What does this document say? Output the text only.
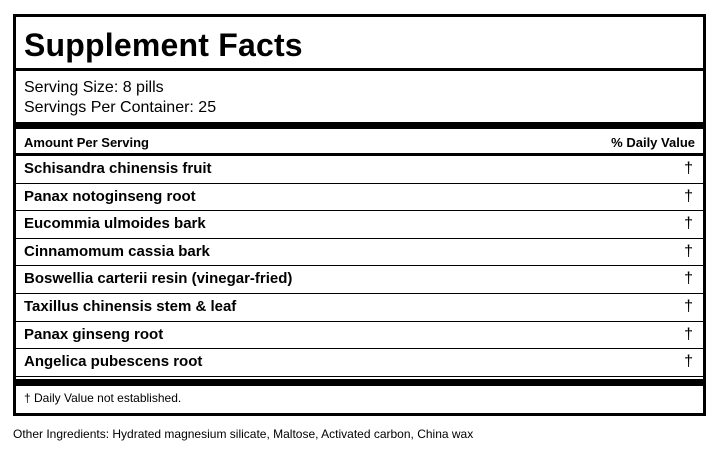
Supplement Facts
Serving Size: 8 pills
Servings Per Container: 25
Amount Per Serving	% Daily Value
Schisandra chinensis fruit	†
Panax notoginseng root	†
Eucommia ulmoides bark	†
Cinnamomum cassia bark	†
Boswellia carterii resin (vinegar-fried)	†
Taxillus chinensis stem & leaf	†
Panax ginseng root	†
Angelica pubescens root	†
† Daily Value not established.
Other Ingredients: Hydrated magnesium silicate, Maltose, Activated carbon, China wax
